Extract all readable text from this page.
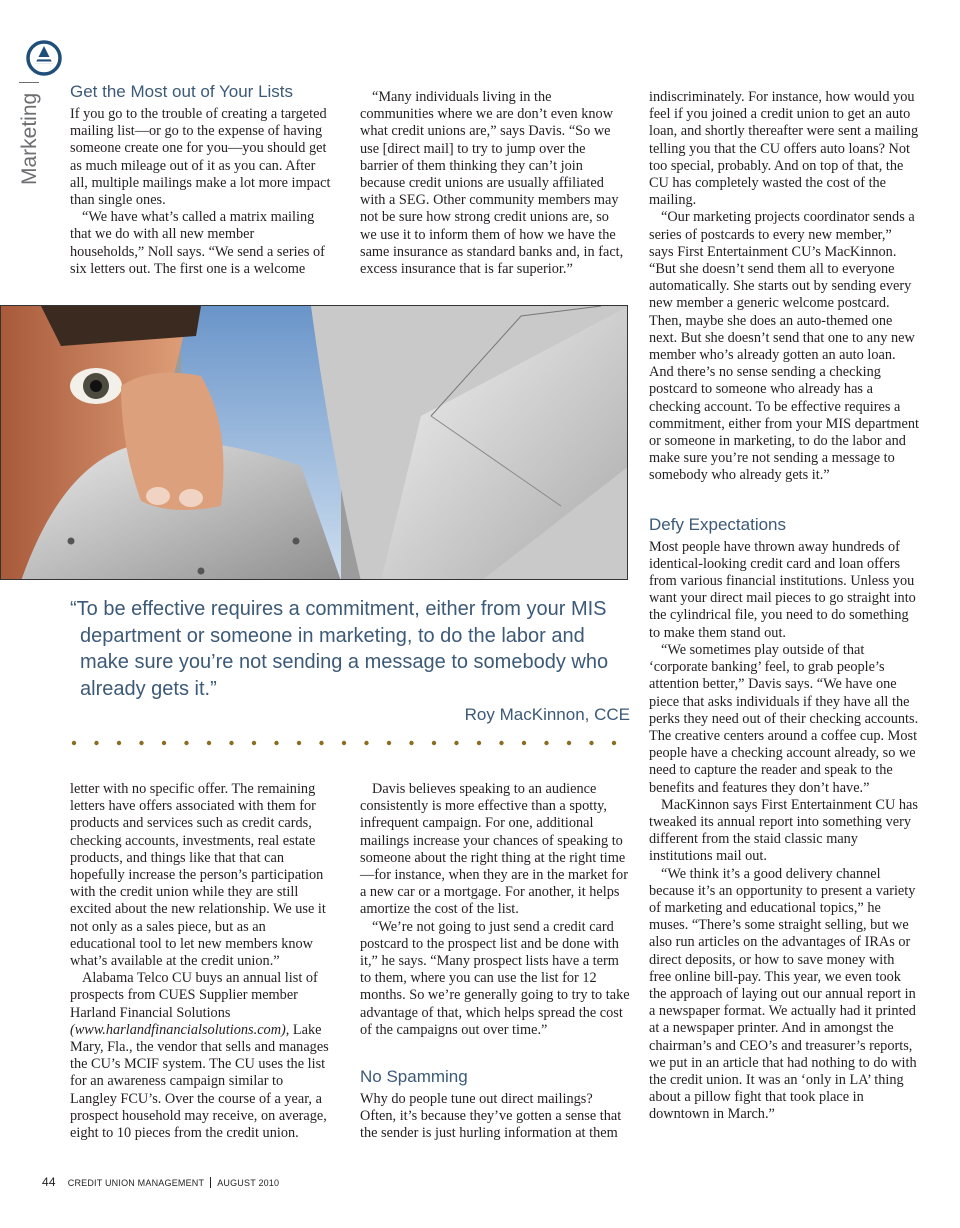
Marketing
Get the Most out of Your Lists

If you go to the trouble of creating a targeted mailing list—or go to the expense of having someone create one for you—you should get as much mileage out of it as you can. After all, multiple mailings make a lot more impact than single ones.

“We have what’s called a matrix mailing that we do with all new member households,” Noll says. “We send a series of six letters out. The first one is a welcome

“Many individuals living in the communities where we are don’t even know what credit unions are,” says Davis. “So we use [direct mail] to try to jump over the barrier of them thinking they can’t join because credit unions are usually affiliated with a SEG. Other community members may not be sure how strong credit unions are, so we use it to inform them of how we have the same insurance as standard banks and, in fact, excess insurance that is far superior.”

indiscriminately. For instance, how would you feel if you joined a credit union to get an auto loan, and shortly thereafter were sent a mailing telling you that the CU offers auto loans? Not too special, probably. And on top of that, the CU has completely wasted the cost of the mailing.

“Our marketing projects coordinator sends a series of postcards to every new member,” says First Entertainment CU’s MacKinnon. “But she doesn’t send them all to everyone automatically. She starts out by sending every new member a generic welcome postcard. Then, maybe she does an auto-themed one next. But she doesn’t send that one to any new member who’s already gotten an auto loan. And there’s no sense sending a checking postcard to someone who already has a checking account. To be effective requires a commitment, either from your MIS department or someone in marketing, to do the labor and make sure you’re not sending a message to somebody who already gets it.”

Defy Expectations

Most people have thrown away hundreds of identical-looking credit card and loan offers from various financial institutions. Unless you want your direct mail pieces to go straight into the cylindrical file, you need to do something to make them stand out.

“We sometimes play outside of that ‘corporate banking’ feel, to grab people’s attention better,” Davis says. “We have one piece that asks individuals if they have all the perks they need out of their checking accounts. The creative centers around a coffee cup. Most people have a checking account already, so we need to capture the reader and speak to the benefits and features they don’t have.”

MacKinnon says First Entertainment CU has tweaked its annual report into something very different from the staid classic many institutions mail out.

“We think it’s a good delivery channel because it’s an opportunity to present a variety of marketing and educational topics,” he muses. “There’s some straight selling, but we also run articles on the advantages of IRAs or direct deposits, or how to save money with free online bill-pay. This year, we even took the approach of laying out our annual report in a newspaper format. We actually had it printed at a newspaper printer. And in amongst the chairman’s and CEO’s and treasurer’s reports, we put in an article that had nothing to do with the credit union. It was an ‘only in LA’ thing about a pillow fight that took place in downtown in March.”

“To be effective requires a commitment, either from your MIS department or someone in marketing, to do the labor and make sure you’re not sending a message to somebody who already gets it.”
Roy MacKinnon, CCE

letter with no specific offer. The remaining letters have offers associated with them for products and services such as credit cards, checking accounts, investments, real estate products, and things like that that can hopefully increase the person’s participation with the credit union while they are still excited about the new relationship. We use it not only as a sales piece, but as an educational tool to let new members know what’s available at the credit union.”

Alabama Telco CU buys an annual list of prospects from CUES Supplier member Harland Financial Solutions (www.harlandfinancialsolutions.com), Lake Mary, Fla., the vendor that sells and manages the CU’s MCIF system. The CU uses the list for an awareness campaign similar to Langley FCU’s. Over the course of a year, a prospect household may receive, on average, eight to 10 pieces from the credit union.

Davis believes speaking to an audience consistently is more effective than a spotty, infrequent campaign. For one, additional mailings increase your chances of speaking to someone about the right thing at the right time—for instance, when they are in the market for a new car or a mortgage. For another, it helps amortize the cost of the list.

“We’re not going to just send a credit card postcard to the prospect list and be done with it,” he says. “Many prospect lists have a term to them, where you can use the list for 12 months. So we’re generally going to try to take advantage of that, which helps spread the cost of the campaigns out over time.”

No Spamming

Why do people tune out direct mailings? Often, it’s because they’ve gotten a sense that the sender is just hurling information at them

44 CREDIT UNION MANAGEMENT AUGUST 2010
